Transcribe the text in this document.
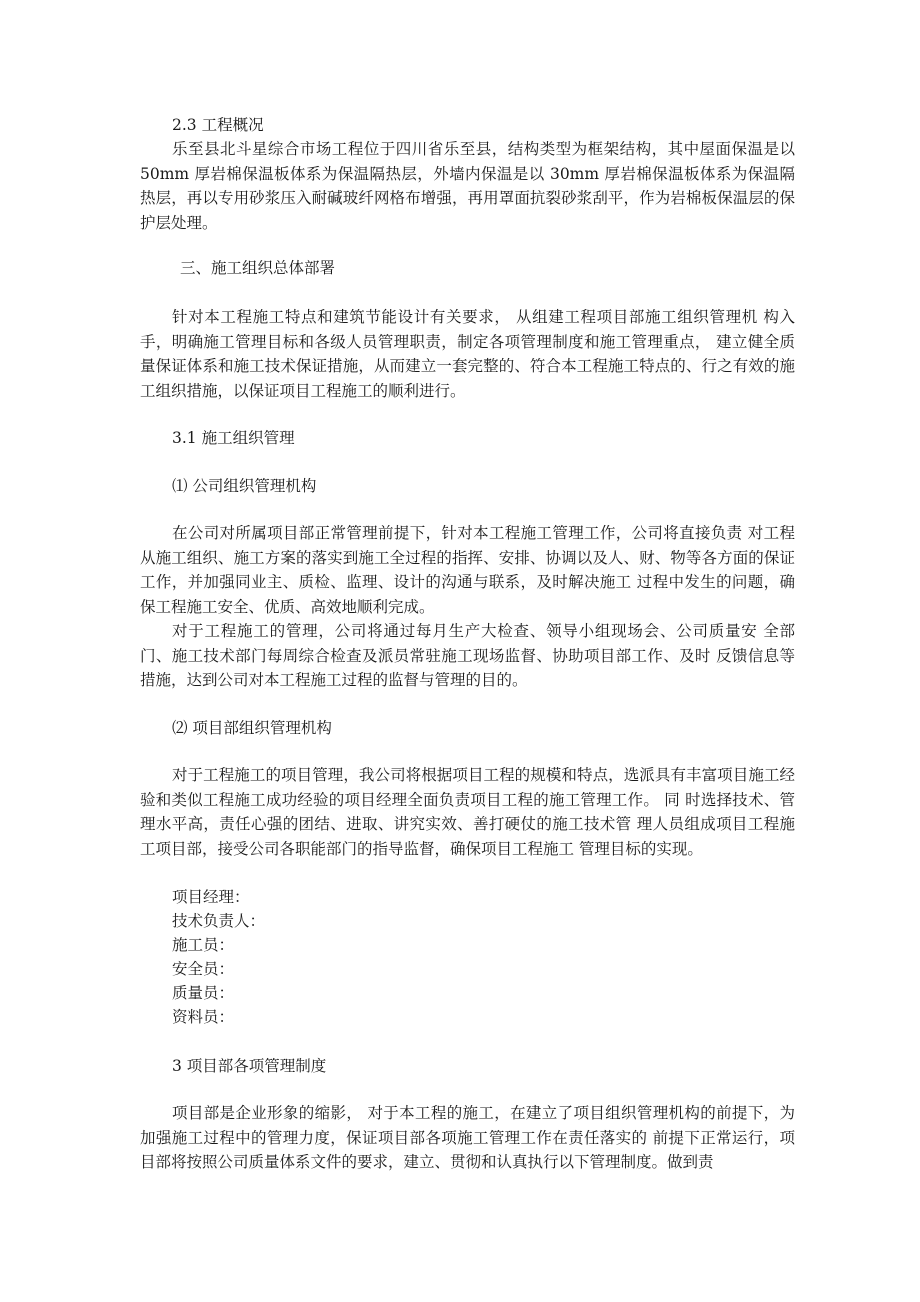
2.3 工程概况

乐至县北斗星综合市场工程位于四川省乐至县，结构类型为框架结构，其中屋面保温是以 50mm 厚岩棉保温板体系为保温隔热层，外墙内保温是以 30mm 厚岩棉保温板体系为保温隔热层，再以专用砂浆压入耐碱玻纤网格布增强，再用罩面抗裂砂浆刮平，作为岩棉板保温层的保护层处理。

三、施工组织总体部署

针对本工程施工特点和建筑节能设计有关要求， 从组建工程项目部施工组织管理机 构入手，明确施工管理目标和各级人员管理职责，制定各项管理制度和施工管理重点， 建立健全质量保证体系和施工技术保证措施，从而建立一套完整的、符合本工程施工特点的、行之有效的施工组织措施，以保证项目工程施工的顺利进行。

3.1 施工组织管理

⑴ 公司组织管理机构

在公司对所属项目部正常管理前提下，针对本工程施工管理工作，公司将直接负责 对工程从施工组织、施工方案的落实到施工全过程的指挥、安排、协调以及人、财、物等各方面的保证工作，并加强同业主、质检、监理、设计的沟通与联系，及时解决施工 过程中发生的问题，确保工程施工安全、优质、高效地顺利完成。

对于工程施工的管理，公司将通过每月生产大检查、领导小组现场会、公司质量安 全部门、施工技术部门每周综合检查及派员常驻施工现场监督、协助项目部工作、及时 反馈信息等措施，达到公司对本工程施工过程的监督与管理的目的。

⑵ 项目部组织管理机构

对于工程施工的项目管理，我公司将根据项目工程的规模和特点，选派具有丰富项目施工经验和类似工程施工成功经验的项目经理全面负责项目工程的施工管理工作。 同 时选择技术、管理水平高，责任心强的团结、进取、讲究实效、善打硬仗的施工技术管 理人员组成项目工程施工项目部，接受公司各职能部门的指导监督，确保项目工程施工 管理目标的实现。

项目经理：

技术负责人：

施工员：

安全员：

质量员：

资料员：

3 项目部各项管理制度

项目部是企业形象的缩影， 对于本工程的施工，在建立了项目组织管理机构的前提下，为加强施工过程中的管理力度，保证项目部各项施工管理工作在责任落实的 前提下正常运行，项目部将按照公司质量体系文件的要求，建立、贯彻和认真执行以下管理制度。做到责
